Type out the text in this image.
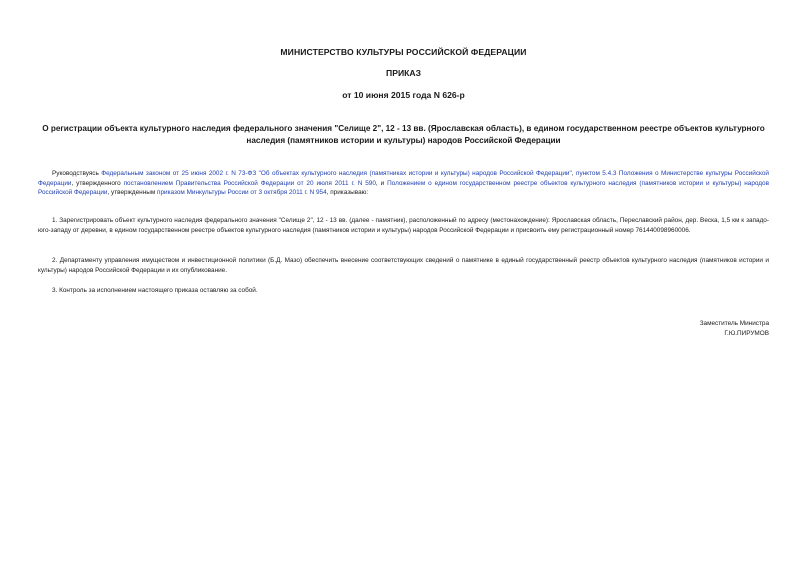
МИНИСТЕРСТВО КУЛЬТУРЫ РОССИЙСКОЙ ФЕДЕРАЦИИ
ПРИКАЗ
от 10 июня 2015 года N 626-р
О регистрации объекта культурного наследия федерального значения "Селище 2", 12 - 13 вв. (Ярославская область), в едином государственном реестре объектов культурного наследия (памятников истории и культуры) народов Российской Федерации

Руководствуясь Федеральным законом от 25 июня 2002 г. N 73-ФЗ "Об объектах культурного наследия (памятниках истории и культуры) народов Российской Федерации", пунктом 5.4.3 Положения о Министерстве культуры Российской Федерации, утвержденного постановлением Правительства Российской Федерации от 20 июля 2011 г. N 590, и Положением о едином государственном реестре объектов культурного наследия (памятников истории и культуры) народов Российской Федерации, утвержденным приказом Минкультуры России от 3 октября 2011 г. N 954, приказываю:

1. Зарегистрировать объект культурного наследия федерального значения "Селище 2", 12 - 13 вв. (далее - памятник), расположенный по адресу (местонахождение): Ярославская область, Переславский район, дер. Веска, 1,5 км к западо-юго-западу от деревни, в едином государственном реестре объектов культурного наследия (памятников истории и культуры) народов Российской Федерации и присвоить ему регистрационный номер 761440098960006.

2. Департаменту управления имуществом и инвестиционной политики (Б.Д. Мазо) обеспечить внесение соответствующих сведений о памятнике в единый государственный реестр объектов культурного наследия (памятников истории и культуры) народов Российской Федерации и их опубликование.

3. Контроль за исполнением настоящего приказа оставляю за собой.

Заместитель Министра
Г.Ю.ПИРУМОВ
